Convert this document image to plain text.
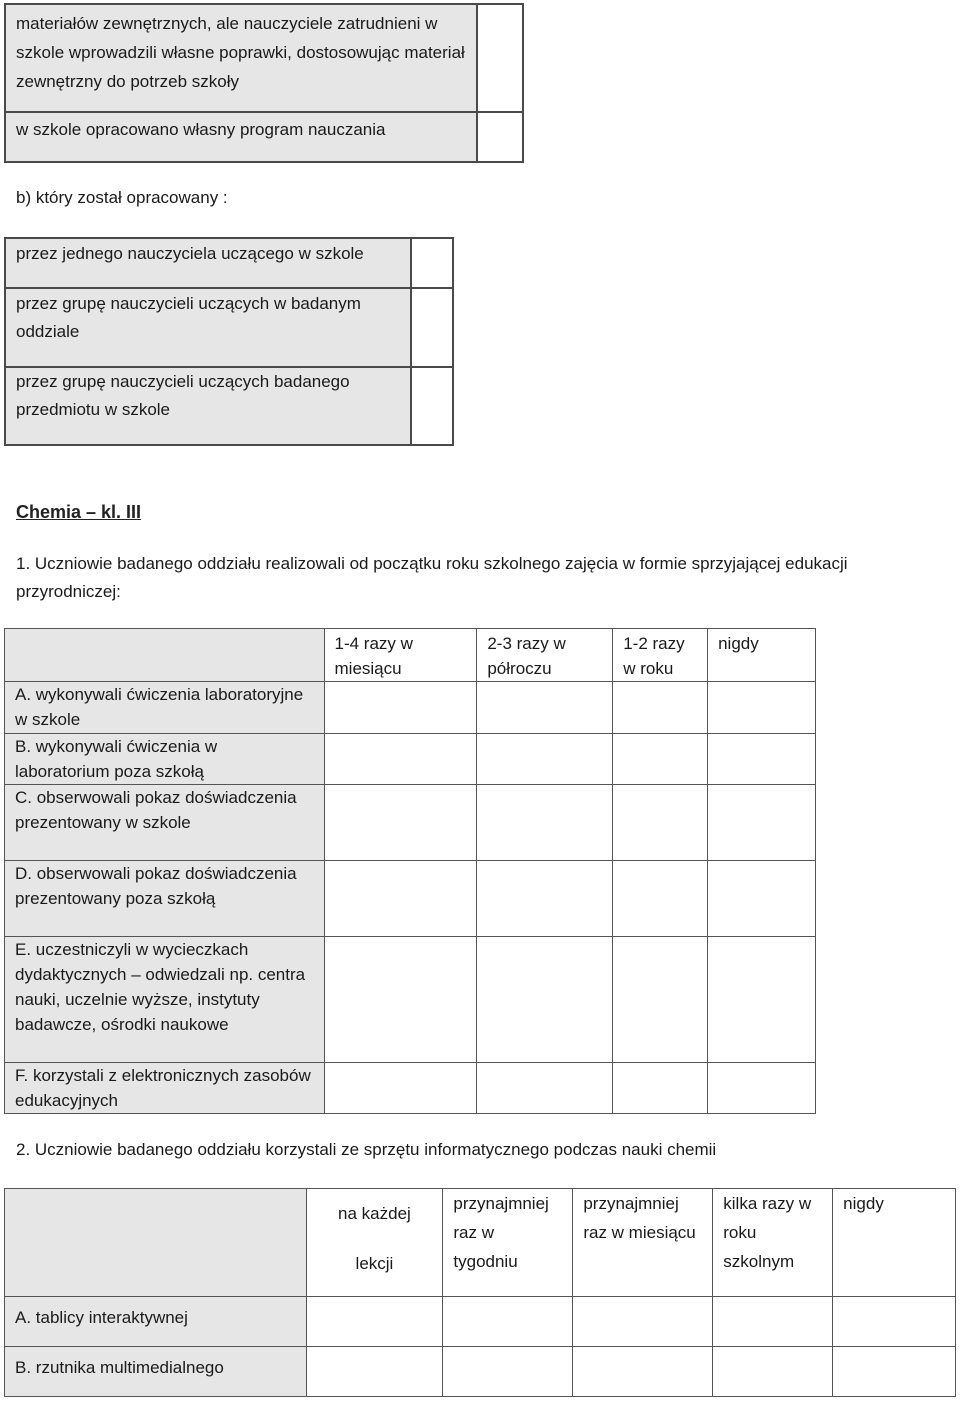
materiałów zewnętrznych, ale nauczyciele zatrudnieni w szkole wprowadzili własne poprawki, dostosowując materiał zewnętrzny do potrzeb szkoły
w szkole opracowano własny program nauczania
b) który został opracowany :
przez jednego nauczyciela uczącego w szkole
przez grupę nauczycieli uczących w badanym oddziale
przez grupę nauczycieli uczących badanego przedmiotu w szkole
Chemia – kl. III
1. Uczniowie badanego oddziału realizowali od początku roku szkolnego zajęcia w formie sprzyjającej edukacji przyrodniczej:
	1-4 razy w miesiącu	2-3 razy w półroczu	1-2 razy w roku	nigdy
A. wykonywali ćwiczenia laboratoryjne w szkole				
B. wykonywali ćwiczenia w laboratorium poza szkołą				
C. obserwowali pokaz doświadczenia prezentowany w szkole				
D. obserwowali pokaz doświadczenia prezentowany poza szkołą				
E. uczestniczyli w wycieczkach dydaktycznych – odwiedzali np. centra nauki, uczelnie wyższe, instytuty badawcze, ośrodki naukowe				
F. korzystali z elektronicznych zasobów edukacyjnych				
2. Uczniowie badanego oddziału korzystali ze sprzętu informatycznego podczas nauki chemii
	na każdej lekcji	przynajmniej raz w tygodniu	przynajmniej raz w miesiącu	kilka razy w roku szkolnym	nigdy
A. tablicy interaktywnej					
B. rzutnika multimedialnego					
